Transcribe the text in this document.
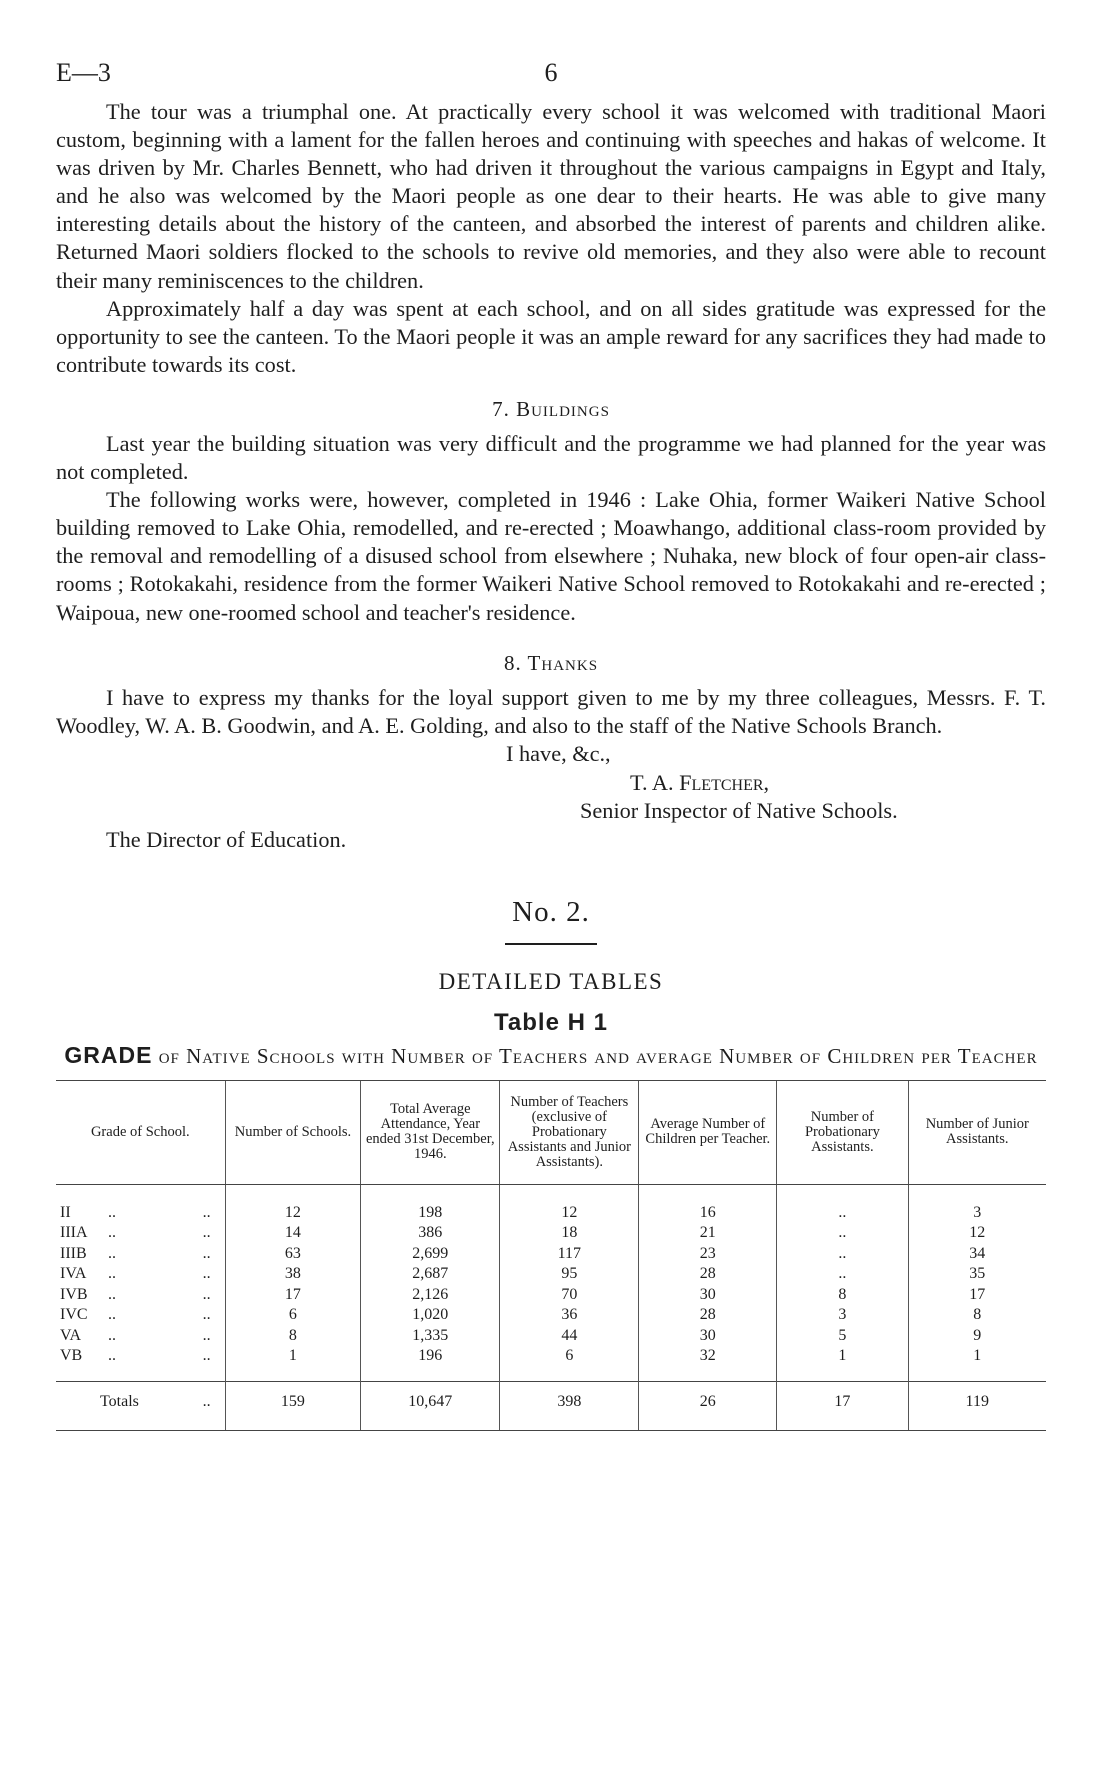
E—3	6

The tour was a triumphal one. At practically every school it was welcomed with traditional Maori custom, beginning with a lament for the fallen heroes and continuing with speeches and hakas of welcome. It was driven by Mr. Charles Bennett, who had driven it throughout the various campaigns in Egypt and Italy, and he also was welcomed by the Maori people as one dear to their hearts. He was able to give many interesting details about the history of the canteen, and absorbed the interest of parents and children alike. Returned Maori soldiers flocked to the schools to revive old memories, and they also were able to recount their many reminiscences to the children.

Approximately half a day was spent at each school, and on all sides gratitude was expressed for the opportunity to see the canteen. To the Maori people it was an ample reward for any sacrifices they had made to contribute towards its cost.

7. Buildings

Last year the building situation was very difficult and the programme we had planned for the year was not completed.

The following works were, however, completed in 1946 : Lake Ohia, former Waikeri Native School building removed to Lake Ohia, remodelled, and re-erected ; Moawhango, additional class-room provided by the removal and remodelling of a disused school from elsewhere ; Nuhaka, new block of four open-air class-rooms ; Rotokakahi, residence from the former Waikeri Native School removed to Rotokakahi and re-erected ; Waipoua, new one-roomed school and teacher's residence.

8. Thanks

I have to express my thanks for the loyal support given to me by my three colleagues, Messrs. F. T. Woodley, W. A. B. Goodwin, and A. E. Golding, and also to the staff of the Native Schools Branch.

I have, &c.,
T. A. Fletcher,
Senior Inspector of Native Schools.
The Director of Education.
No. 2.
DETAILED TABLES
Table H 1
GRADE of Native Schools with Number of Teachers and average Number of Children per Teacher
Grade of School.	Number of Schools.	Total Average Attendance, Year ended 31st December, 1946.	Number of Teachers (exclusive of Probationary Assistants and Junior Assistants).	Average Number of Children per Teacher.	Number of Probationary Assistants.	Number of Junior Assistants.
II .. ..	12	198	12	16	..	3
IIIA .. ..	14	386	18	21	..	12
IIIB .. ..	63	2,699	117	23	..	34
IVA .. ..	38	2,687	95	28	..	35
IVB .. ..	17	2,126	70	30	8	17
IVC .. ..	6	1,020	36	28	3	8
VA .. ..	8	1,335	44	30	5	9
VB .. ..	1	196	6	32	1	1
Totals ..	159	10,647	398	26	17	119
